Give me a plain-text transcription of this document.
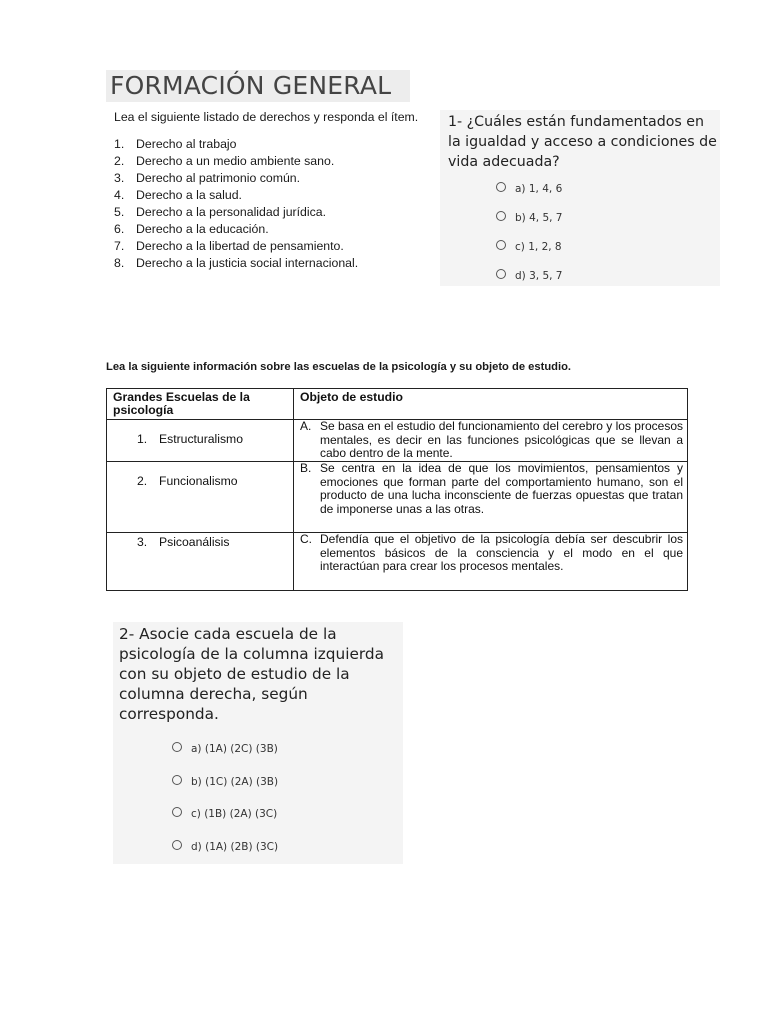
FORMACIÓN GENERAL
Lea el siguiente listado de derechos y responda el ítem.
1. Derecho al trabajo
2. Derecho a un medio ambiente sano.
3. Derecho al patrimonio común.
4. Derecho a la salud.
5. Derecho a la personalidad jurídica.
6. Derecho a la educación.
7. Derecho a la libertad de pensamiento.
8. Derecho a la justicia social internacional.
1- ¿Cuáles están fundamentados en la igualdad y acceso a condiciones de vida adecuada?
a) 1, 4, 6
b) 4, 5, 7
c) 1, 2, 8
d) 3, 5, 7
Lea la siguiente información sobre las escuelas de la psicología y su objeto de estudio.
Grandes Escuelas de la psicología	Objeto de estudio

1. Estructuralismo	A. Se basa en el estudio del funcionamiento del cerebro y los procesos mentales, es decir en las funciones psicológicas que se llevan a cabo dentro de la mente.

2. Funcionalismo	B. Se centra en la idea de que los movimientos, pensamientos y emociones que forman parte del comportamiento humano, son el producto de una lucha inconsciente de fuerzas opuestas que tratan de imponerse unas a las otras.

3. Psicoanálisis	C. Defendía que el objetivo de la psicología debía ser descubrir los elementos básicos de la consciencia y el modo en el que interactúan para crear los procesos mentales.
2- Asocie cada escuela de la psicología de la columna izquierda con su objeto de estudio de la columna derecha, según corresponda.
a) (1A) (2C) (3B)
b) (1C) (2A) (3B)
c) (1B) (2A) (3C)
d) (1A) (2B) (3C)
